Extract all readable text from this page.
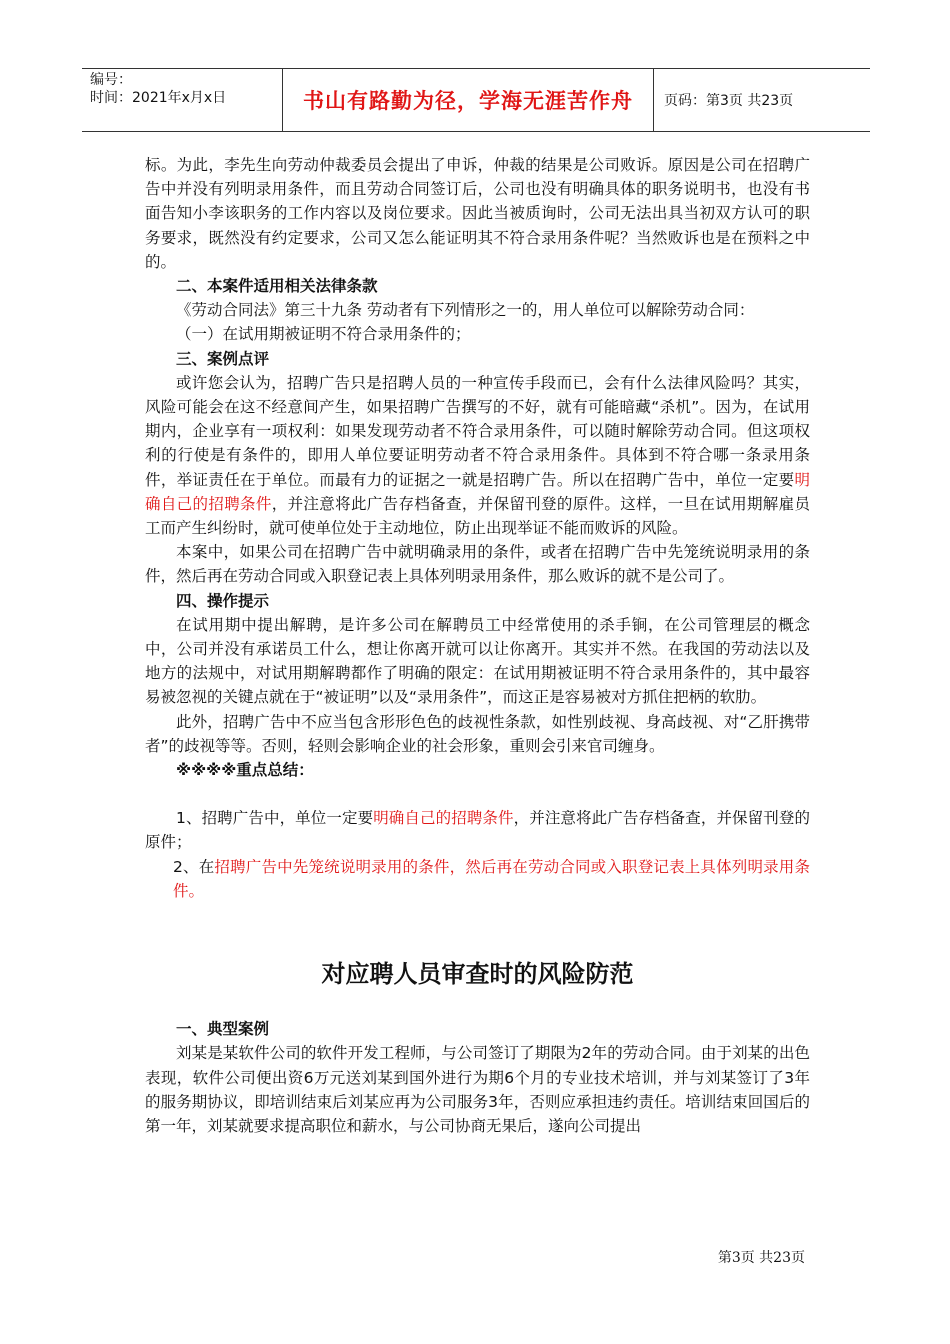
编号：
时间：2021年x月x日	书山有路勤为径，学海无涯苦作舟	页码：第3页 共23页

标。为此，李先生向劳动仲裁委员会提出了申诉，仲裁的结果是公司败诉。原因是公司在招聘广告中并没有列明录用条件，而且劳动合同签订后，公司也没有明确具体的职务说明书，也没有书面告知小李该职务的工作内容以及岗位要求。因此当被质询时，公司无法出具当初双方认可的职务要求，既然没有约定要求，公司又怎么能证明其不符合录用条件呢？当然败诉也是在预料之中的。

二、本案件适用相关法律条款

《劳动合同法》第三十九条 劳动者有下列情形之一的，用人单位可以解除劳动合同：

（一）在试用期被证明不符合录用条件的；

三、案例点评

或许您会认为，招聘广告只是招聘人员的一种宣传手段而已，会有什么法律风险吗？其实，风险可能会在这不经意间产生，如果招聘广告撰写的不好，就有可能暗藏“杀机”。因为，在试用期内，企业享有一项权利：如果发现劳动者不符合录用条件，可以随时解除劳动合同。但这项权利的行使是有条件的，即用人单位要证明劳动者不符合录用条件。具体到不符合哪一条录用条件，举证责任在于单位。而最有力的证据之一就是招聘广告。所以在招聘广告中，单位一定要明确自己的招聘条件，并注意将此广告存档备查，并保留刊登的原件。这样，一旦在试用期解雇员工而产生纠纷时，就可使单位处于主动地位，防止出现举证不能而败诉的风险。

本案中，如果公司在招聘广告中就明确录用的条件，或者在招聘广告中先笼统说明录用的条件，然后再在劳动合同或入职登记表上具体列明录用条件，那么败诉的就不是公司了。

四、操作提示

在试用期中提出解聘，是许多公司在解聘员工中经常使用的杀手锏，在公司管理层的概念中，公司并没有承诺员工什么，想让你离开就可以让你离开。其实并不然。在我国的劳动法以及地方的法规中，对试用期解聘都作了明确的限定：在试用期被证明不符合录用条件的，其中最容易被忽视的关键点就在于“被证明”以及“录用条件”，而这正是容易被对方抓住把柄的软肋。

此外，招聘广告中不应当包含形形色色的歧视性条款，如性别歧视、身高歧视、对“乙肝携带者”的歧视等等。否则，轻则会影响企业的社会形象，重则会引来官司缠身。

※※※※重点总结：

1、招聘广告中，单位一定要明确自己的招聘条件，并注意将此广告存档备查，并保留刊登的原件；

2、在招聘广告中先笼统说明录用的条件，然后再在劳动合同或入职登记表上具体列明录用条件。

对应聘人员审查时的风险防范

一、典型案例

刘某是某软件公司的软件开发工程师，与公司签订了期限为2年的劳动合同。由于刘某的出色表现，软件公司便出资6万元送刘某到国外进行为期6个月的专业技术培训，并与刘某签订了3年的服务期协议，即培训结束后刘某应再为公司服务3年，否则应承担违约责任。培训结束回国后的第一年，刘某就要求提高职位和薪水，与公司协商无果后，遂向公司提出

第3页 共23页
